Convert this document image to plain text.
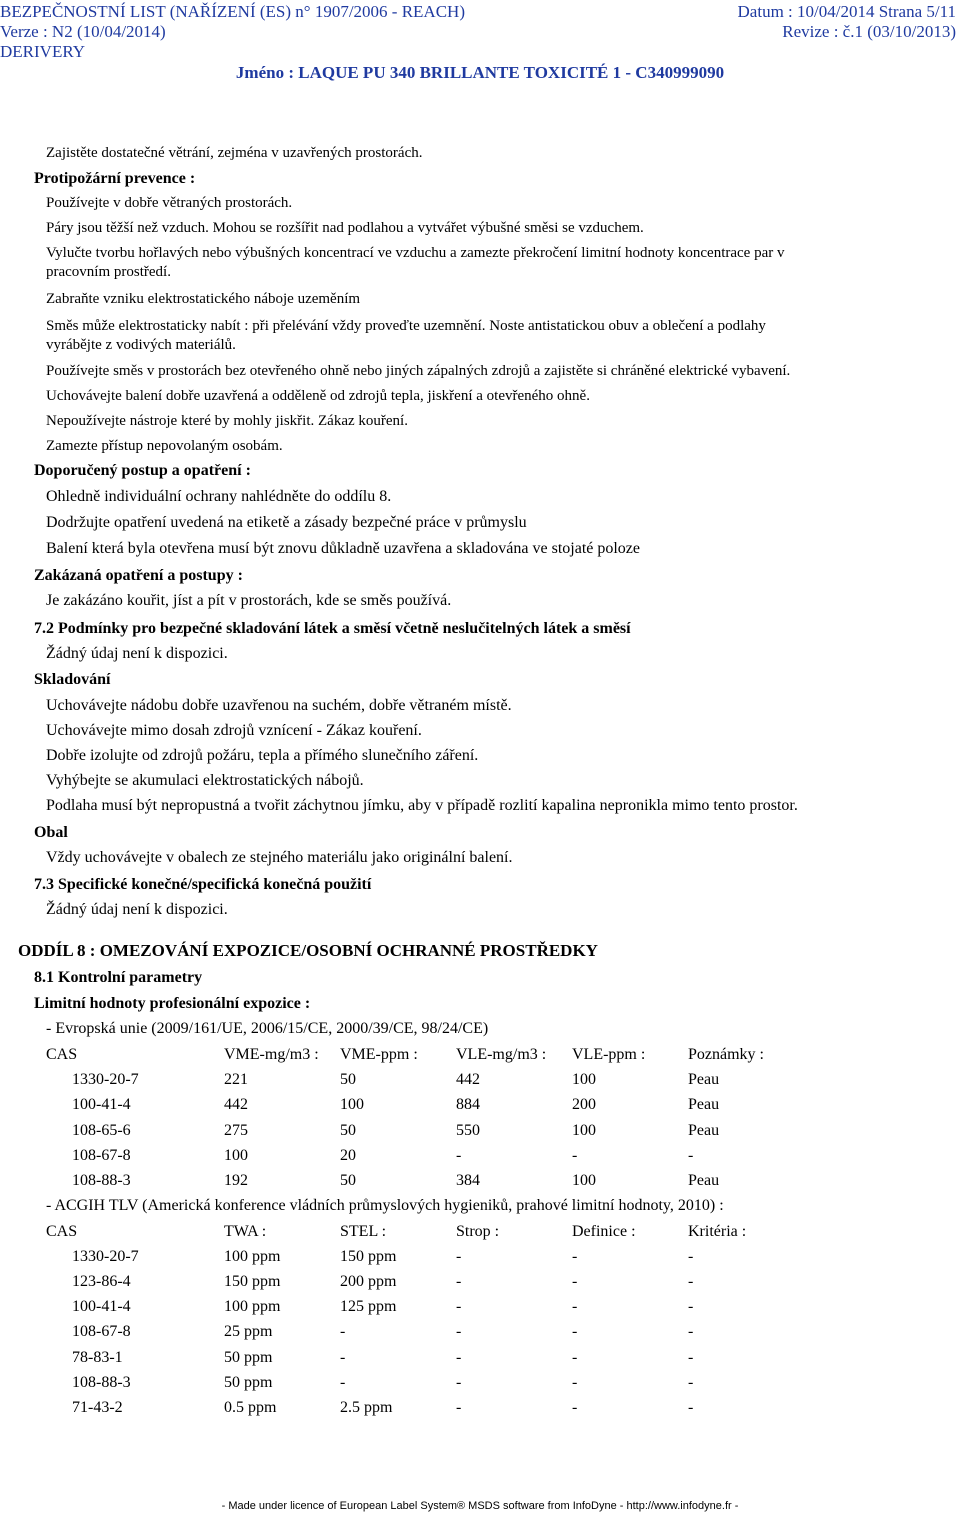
BEZPEČNOSTNÍ LIST (NAŘÍZENÍ (ES) n° 1907/2006 - REACH)	Datum : 10/04/2014 Strana 5/11
Verze : N2 (10/04/2014)	Revize : č.1 (03/10/2013)
DERIVERY
Jméno : LAQUE PU 340 BRILLANTE TOXICITÉ 1 - C340999090
Zajistěte dostatečné větrání, zejména v uzavřených prostorách.
Protipožární prevence :
Používejte v dobře větraných prostorách.
Páry jsou těžší než vzduch. Mohou se rozšířit nad podlahou a vytvářet výbušné směsi se vzduchem.
Vylučte tvorbu hořlavých nebo výbušných koncentrací ve vzduchu a zamezte překročení limitní hodnoty koncentrace par v
pracovním prostředí.
Zabraňte vzniku elektrostatického náboje uzeměním
Směs může elektrostaticky nabít : při přelévání vždy proveďte uzemnění. Noste antistatickou obuv a oblečení a podlahy
vyrábějte z vodivých materiálů.
Používejte směs v prostorách bez otevřeného ohně nebo jiných zápalných zdrojů a zajistěte si chráněné elektrické vybavení.
Uchovávejte balení dobře uzavřená a odděleně od zdrojů tepla, jiskření a otevřeného ohně.
Nepoužívejte nástroje které by mohly jiskřit. Zákaz kouření.
Zamezte přístup nepovolaným osobám.
Doporučený postup a opatření :
Ohledně individuální ochrany nahlédněte do oddílu 8.
Dodržujte opatření uvedená na etiketě a zásady bezpečné práce v průmyslu
Balení která byla otevřena musí být znovu důkladně uzavřena a skladována ve stojaté poloze
Zakázaná opatření a postupy :
Je zakázáno kouřit, jíst a pít v prostorách, kde se směs používá.
7.2 Podmínky pro bezpečné skladování látek a směsí včetně neslučitelných látek a směsí
Žádný údaj není k dispozici.
Skladování
Uchovávejte nádobu dobře uzavřenou na suchém, dobře větraném místě.
Uchovávejte mimo dosah zdrojů vznícení - Zákaz kouření.
Dobře izolujte od zdrojů požáru, tepla a přímého slunečního záření.
Vyhýbejte se akumulaci elektrostatických nábojů.
Podlaha musí být nepropustná a tvořit záchytnou jímku, aby v případě rozlití kapalina nepronikla mimo tento prostor.
Obal
Vždy uchovávejte v obalech ze stejného materiálu jako originální balení.
7.3 Specifické konečné/specifická konečná použití
Žádný údaj není k dispozici.
ODDÍL 8 : OMEZOVÁNÍ EXPOZICE/OSOBNÍ OCHRANNÉ PROSTŘEDKY
8.1 Kontrolní parametry
Limitní hodnoty profesionální expozice :
- Evropská unie (2009/161/UE, 2006/15/CE, 2000/39/CE, 98/24/CE)
CAS	VME-mg/m3 : VME-ppm : VLE-mg/m3 : VLE-ppm :	Poznámky :
1330-20-7	221	50	442	100	Peau
100-41-4	442	100	884	200	Peau
108-65-6	275	50	550	100	Peau
108-67-8	100	20	-	-	-
108-88-3	192	50	384	100	Peau
- ACGIH TLV (Americká konference vládních průmyslových hygieniků, prahové limitní hodnoty, 2010) :
CAS	TWA :	STEL :	Strop :	Definice :	Kritéria :
1330-20-7	100 ppm	150 ppm	-	-	-
123-86-4	150 ppm	200 ppm	-	-	-
100-41-4	100 ppm	125 ppm	-	-	-
108-67-8	25 ppm	-	-	-	-
78-83-1	50 ppm	-	-	-	-
108-88-3	50 ppm	-	-	-	-
71-43-2	0.5 ppm	2.5 ppm	-	-	-
- Made under licence of European Label System® MSDS software from InfoDyne - http://www.infodyne.fr -
